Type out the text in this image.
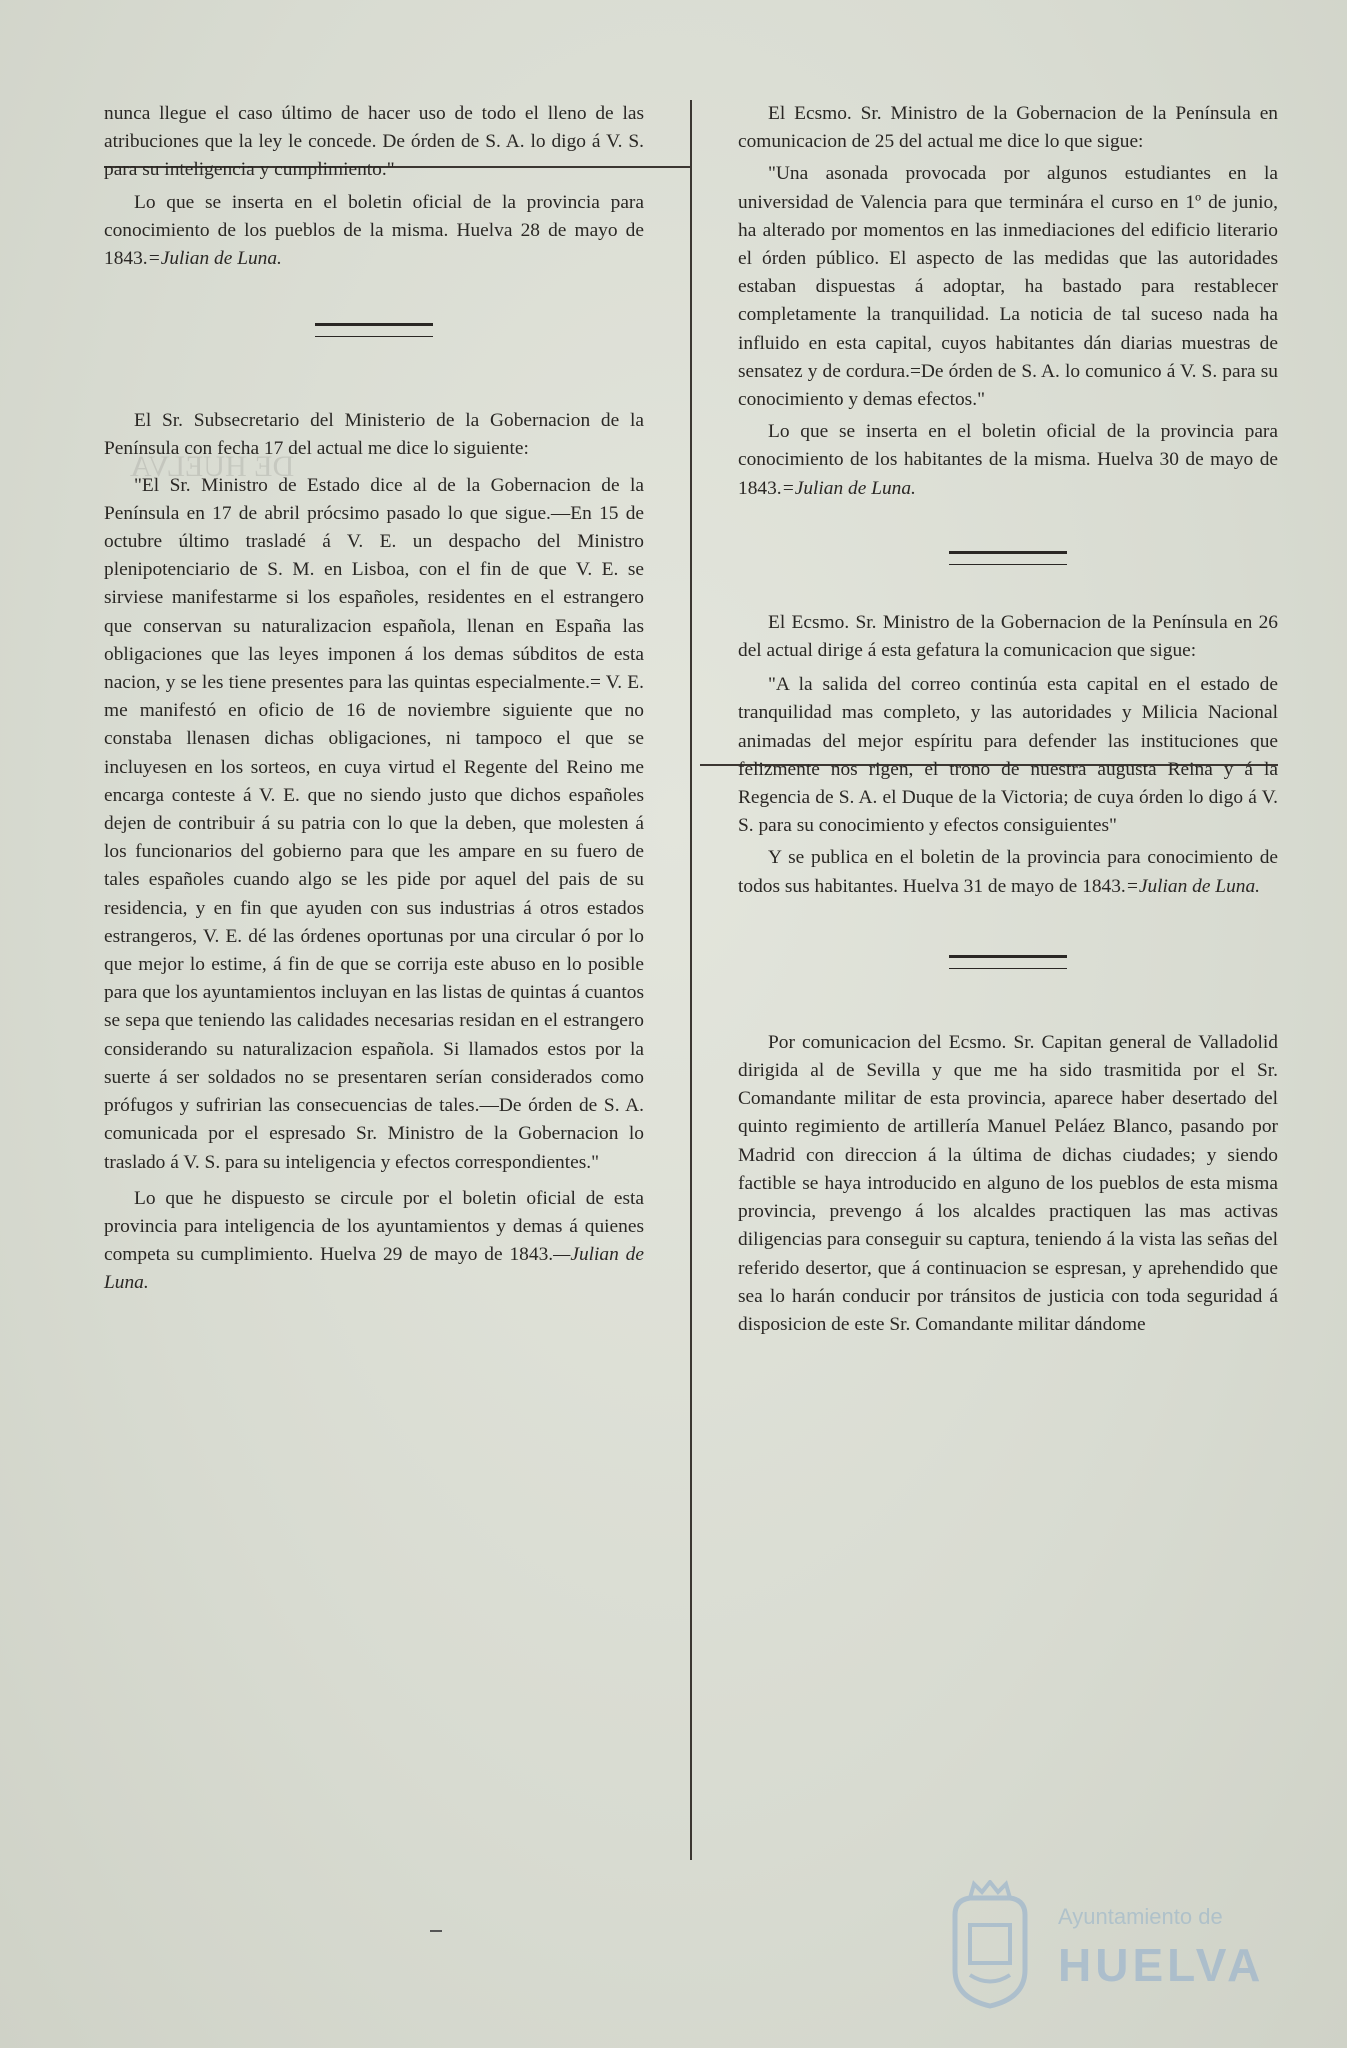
DE HUELVA

nunca llegue el caso último de hacer uso de todo el lleno de las atribuciones que la ley le concede. De órden de S. A. lo digo á V. S. para su inteligencia y cumplimiento."

Lo que se inserta en el boletin oficial de la provincia para conocimiento de los pueblos de la misma. Huelva 28 de mayo de 1843.=Julian de Luna.

El Sr. Subsecretario del Ministerio de la Gobernacion de la Península con fecha 17 del actual me dice lo siguiente:

"El Sr. Ministro de Estado dice al de la Gobernacion de la Península en 17 de abril prócsimo pasado lo que sigue.—En 15 de octubre último trasladé á V. E. un despacho del Ministro plenipotenciario de S. M. en Lisboa, con el fin de que V. E. se sirviese manifestarme si los españoles, residentes en el estrangero que conservan su naturalizacion española, llenan en España las obligaciones que las leyes imponen á los demas súbditos de esta nacion, y se les tiene presentes para las quintas especialmente.= V. E. me manifestó en oficio de 16 de noviembre siguiente que no constaba llenasen dichas obligaciones, ni tampoco el que se incluyesen en los sorteos, en cuya virtud el Regente del Reino me encarga conteste á V. E. que no siendo justo que dichos españoles dejen de contribuir á su patria con lo que la deben, que molesten á los funcionarios del gobierno para que les ampare en su fuero de tales españoles cuando algo se les pide por aquel del pais de su residencia, y en fin que ayuden con sus industrias á otros estados estrangeros, V. E. dé las órdenes oportunas por una circular ó por lo que mejor lo estime, á fin de que se corrija este abuso en lo posible para que los ayuntamientos incluyan en las listas de quintas á cuantos se sepa que teniendo las calidades necesarias residan en el estrangero considerando su naturalizacion española. Si llamados estos por la suerte á ser soldados no se presentaren serían considerados como prófugos y sufririan las consecuencias de tales.—De órden de S. A. comunicada por el espresado Sr. Ministro de la Gobernacion lo traslado á V. S. para su inteligencia y efectos correspondientes."

Lo que he dispuesto se circule por el boletin oficial de esta provincia para inteligencia de los ayuntamientos y demas á quienes competa su cumplimiento. Huelva 29 de mayo de 1843.—Julian de Luna.

El Ecsmo. Sr. Ministro de la Gobernacion de la Península en comunicacion de 25 del actual me dice lo que sigue:

"Una asonada provocada por algunos estudiantes en la universidad de Valencia para que terminára el curso en 1º de junio, ha alterado por momentos en las inmediaciones del edificio literario el órden público. El aspecto de las medidas que las autoridades estaban dispuestas á adoptar, ha bastado para restablecer completamente la tranquilidad. La noticia de tal suceso nada ha influido en esta capital, cuyos habitantes dán diarias muestras de sensatez y de cordura.=De órden de S. A. lo comunico á V. S. para su conocimiento y demas efectos."

Lo que se inserta en el boletin oficial de la provincia para conocimiento de los habitantes de la misma. Huelva 30 de mayo de 1843.=Julian de Luna.

El Ecsmo. Sr. Ministro de la Gobernacion de la Península en 26 del actual dirige á esta gefatura la comunicacion que sigue:

"A la salida del correo continúa esta capital en el estado de tranquilidad mas completo, y las autoridades y Milicia Nacional animadas del mejor espíritu para defender las instituciones que felizmente nos rigen, el trono de nuestra augusta Reina y á la Regencia de S. A. el Duque de la Victoria; de cuya órden lo digo á V. S. para su conocimiento y efectos consiguientes"

Y se publica en el boletin de la provincia para conocimiento de todos sus habitantes. Huelva 31 de mayo de 1843.=Julian de Luna.

Por comunicacion del Ecsmo. Sr. Capitan general de Valladolid dirigida al de Sevilla y que me ha sido trasmitida por el Sr. Comandante militar de esta provincia, aparece haber desertado del quinto regimiento de artillería Manuel Peláez Blanco, pasando por Madrid con direccion á la última de dichas ciudades; y siendo factible se haya introducido en alguno de los pueblos de esta misma provincia, prevengo á los alcaldes practiquen las mas activas diligencias para conseguir su captura, teniendo á la vista las señas del referido desertor, que á continuacion se espresan, y aprehendido que sea lo harán conducir por tránsitos de justicia con toda seguridad á disposicion de este Sr. Comandante militar dándome

Ayuntamiento de
HUELVA
